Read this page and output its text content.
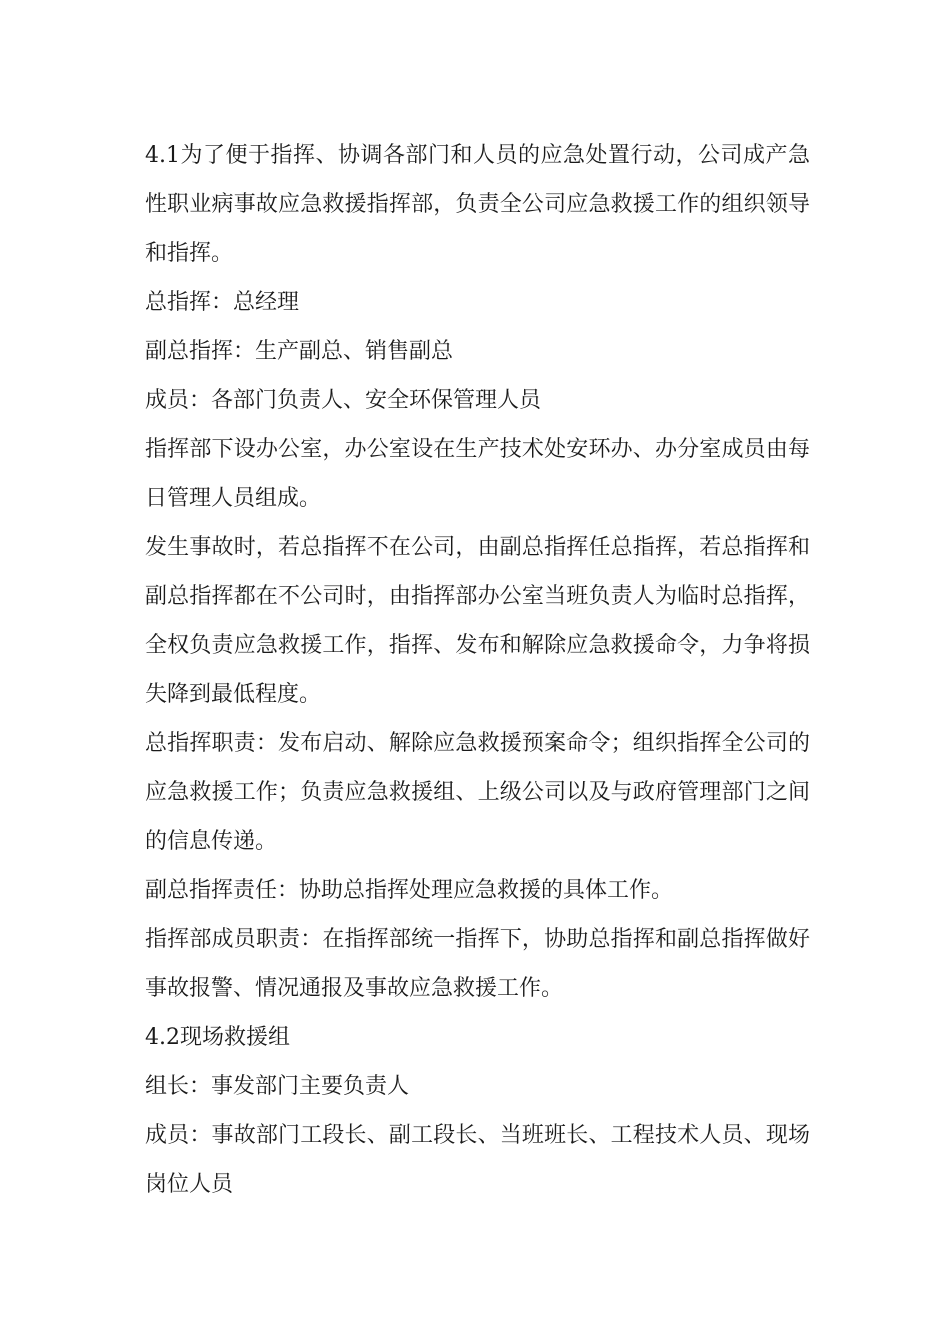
4.1为了便于指挥、协调各部门和人员的应急处置行动，公司成产急性职业病事故应急救援指挥部，负责全公司应急救援工作的组织领导和指挥。

总指挥：总经理

副总指挥：生产副总、销售副总

成员：各部门负责人、安全环保管理人员

指挥部下设办公室，办公室设在生产技术处安环办、办分室成员由每日管理人员组成。

发生事故时，若总指挥不在公司，由副总指挥任总指挥，若总指挥和副总指挥都在不公司时，由指挥部办公室当班负责人为临时总指挥，全权负责应急救援工作，指挥、发布和解除应急救援命令，力争将损失降到最低程度。

总指挥职责：发布启动、解除应急救援预案命令；组织指挥全公司的应急救援工作；负责应急救援组、上级公司以及与政府管理部门之间的信息传递。

副总指挥责任：协助总指挥处理应急救援的具体工作。

指挥部成员职责：在指挥部统一指挥下，协助总指挥和副总指挥做好事故报警、情况通报及事故应急救援工作。

4.2现场救援组

组长：事发部门主要负责人

成员：事故部门工段长、副工段长、当班班长、工程技术人员、现场岗位人员
